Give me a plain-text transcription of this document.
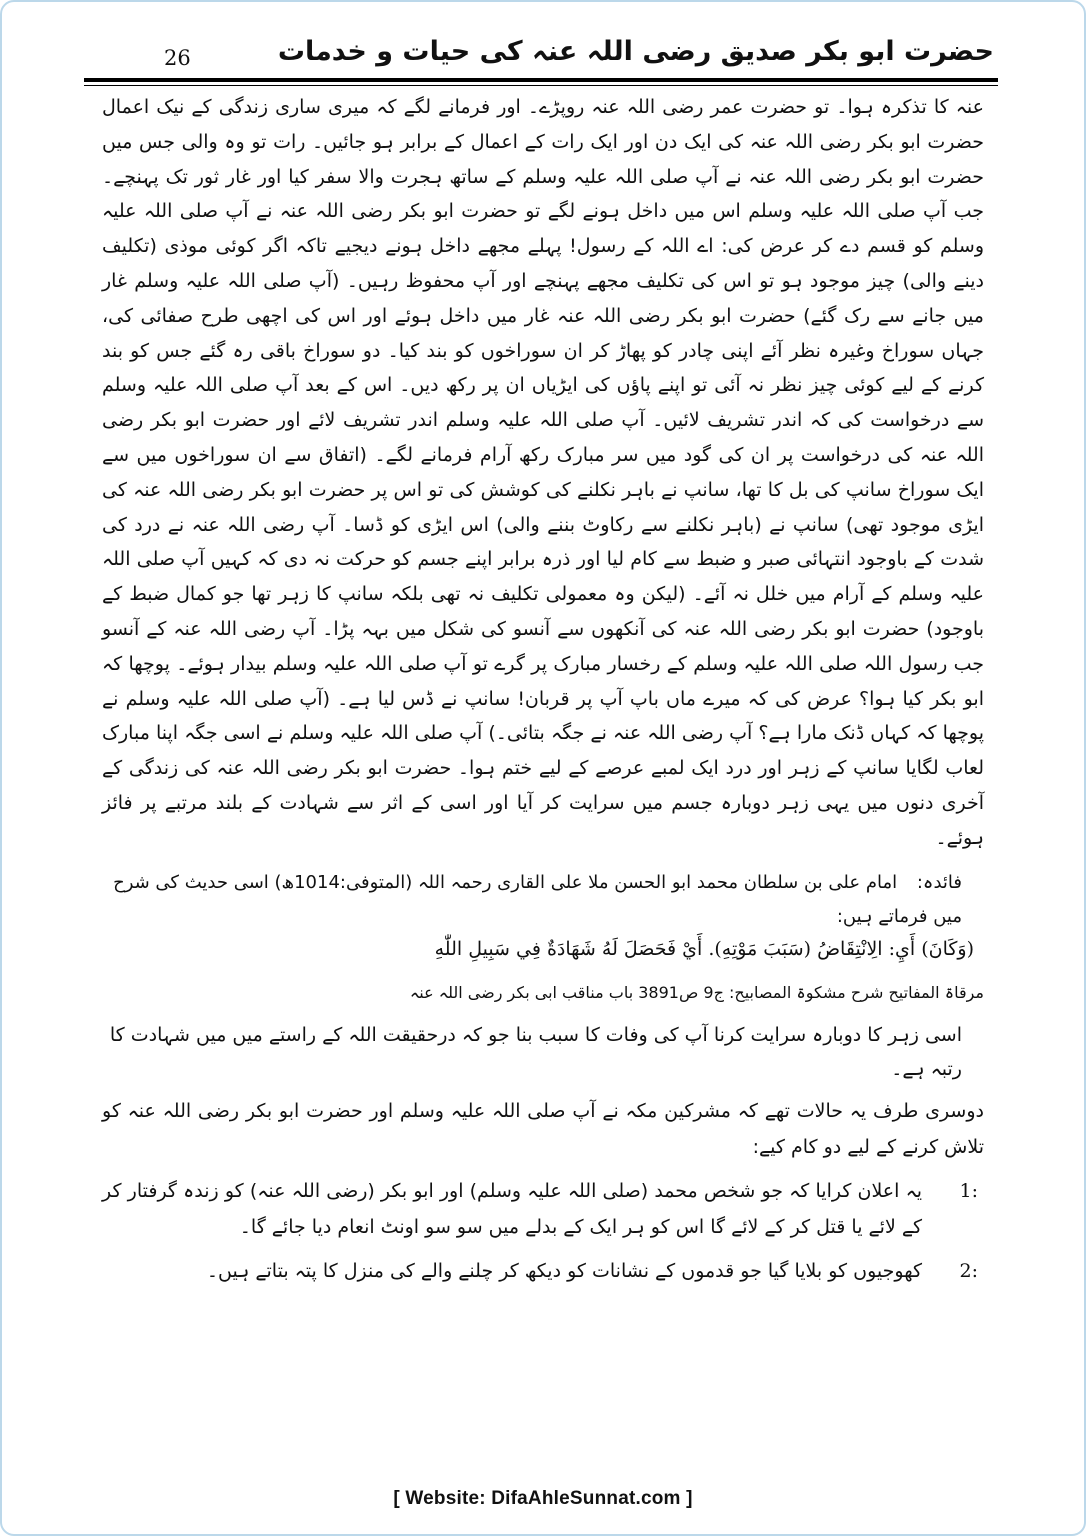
حضرت ابو بکر صدیق رضی اللہ عنہ کی حیات و خدمات
26

عنہ کا تذکرہ ہوا۔ تو حضرت عمر رضی اللہ عنہ روپڑے۔ اور فرمانے لگے کہ میری ساری زندگی کے نیک اعمال حضرت ابو بکر رضی اللہ عنہ کی ایک دن اور ایک رات کے اعمال کے برابر ہو جائیں۔ رات تو وہ والی جس میں حضرت ابو بکر رضی اللہ عنہ نے آپ صلی اللہ علیہ وسلم کے ساتھ ہجرت والا سفر کیا اور غار ثور تک پہنچے۔ جب آپ صلی اللہ علیہ وسلم اس میں داخل ہونے لگے تو حضرت ابو بکر رضی اللہ عنہ نے آپ صلی اللہ علیہ وسلم کو قسم دے کر عرض کی: اے اللہ کے رسول! پہلے مجھے داخل ہونے دیجیے تاکہ اگر کوئی موذی (تکلیف دینے والی) چیز موجود ہو تو اس کی تکلیف مجھے پہنچے اور آپ محفوظ رہیں۔ (آپ صلی اللہ علیہ وسلم غار میں جانے سے رک گئے) حضرت ابو بکر رضی اللہ عنہ غار میں داخل ہوئے اور اس کی اچھی طرح صفائی کی، جہاں سوراخ وغیرہ نظر آئے اپنی چادر کو پھاڑ کر ان سوراخوں کو بند کیا۔ دو سوراخ باقی رہ گئے جس کو بند کرنے کے لیے کوئی چیز نظر نہ آئی تو اپنے پاؤں کی ایڑیاں ان پر رکھ دیں۔ اس کے بعد آپ صلی اللہ علیہ وسلم سے درخواست کی کہ اندر تشریف لائیں۔ آپ صلی اللہ علیہ وسلم اندر تشریف لائے اور حضرت ابو بکر رضی اللہ عنہ کی درخواست پر ان کی گود میں سر مبارک رکھ آرام فرمانے لگے۔ (اتفاق سے ان سوراخوں میں سے ایک سوراخ سانپ کی بل کا تھا، سانپ نے باہر نکلنے کی کوشش کی تو اس پر حضرت ابو بکر رضی اللہ عنہ کی ایڑی موجود تھی) سانپ نے (باہر نکلنے سے رکاوٹ بننے والی) اس ایڑی کو ڈسا۔ آپ رضی اللہ عنہ نے درد کی شدت کے باوجود انتہائی صبر و ضبط سے کام لیا اور ذرہ برابر اپنے جسم کو حرکت نہ دی کہ کہیں آپ صلی اللہ علیہ وسلم کے آرام میں خلل نہ آئے۔ (لیکن وہ معمولی تکلیف نہ تھی بلکہ سانپ کا زہر تھا جو کمال ضبط کے باوجود) حضرت ابو بکر رضی اللہ عنہ کی آنکھوں سے آنسو کی شکل میں بہہ پڑا۔ آپ رضی اللہ عنہ کے آنسو جب رسول اللہ صلی اللہ علیہ وسلم کے رخسار مبارک پر گرے تو آپ صلی اللہ علیہ وسلم بیدار ہوئے۔ پوچھا کہ ابو بکر کیا ہوا؟ عرض کی کہ میرے ماں باپ آپ پر قربان! سانپ نے ڈس لیا ہے۔ (آپ صلی اللہ علیہ وسلم نے پوچھا کہ کہاں ڈنک مارا ہے؟ آپ رضی اللہ عنہ نے جگہ بتائی۔) آپ صلی اللہ علیہ وسلم نے اسی جگہ اپنا مبارک لعاب لگایا سانپ کے زہر اور درد ایک لمبے عرصے کے لیے ختم ہوا۔ حضرت ابو بکر رضی اللہ عنہ کی زندگی کے آخری دنوں میں یہی زہر دوبارہ جسم میں سرایت کر آیا اور اسی کے اثر سے شہادت کے بلند مرتبے پر فائز ہوئے۔

فائدہ: امام علی بن سلطان محمد ابو الحسن ملا علی القاری رحمہ اللہ (المتوفی:1014ھ) اسی حدیث کی شرح میں فرماتے ہیں:

(وَکَانَ) أَيِ: الِانْتِقَاضُ (سَبَبَ مَوْتِهِ). أَيْ فَحَصَلَ لَهُ شَهَادَةٌ فِي سَبِيلِ اللّٰهِ

مرقاۃ المفاتیح شرح مشکوۃ المصابیح: ج9 ص3891 باب مناقب ابی بکر رضی اللہ عنہ

اسی زہر کا دوبارہ سرایت کرنا آپ کی وفات کا سبب بنا جو کہ درحقیقت اللہ کے راستے میں میں شہادت کا رتبہ ہے۔

دوسری طرف یہ حالات تھے کہ مشرکین مکہ نے آپ صلی اللہ علیہ وسلم اور حضرت ابو بکر رضی اللہ عنہ کو تلاش کرنے کے لیے دو کام کیے:

1:
یہ اعلان کرایا کہ جو شخص محمد (صلی اللہ علیہ وسلم) اور ابو بکر (رضی اللہ عنہ) کو زندہ گرفتار کر کے لائے یا قتل کر کے لائے گا اس کو ہر ایک کے بدلے میں سو سو اونٹ انعام دیا جائے گا۔
2:
کھوجیوں کو بلایا گیا جو قدموں کے نشانات کو دیکھ کر چلنے والے کی منزل کا پتہ بتاتے ہیں۔
[ Website: DifaAhleSunnat.com ]
